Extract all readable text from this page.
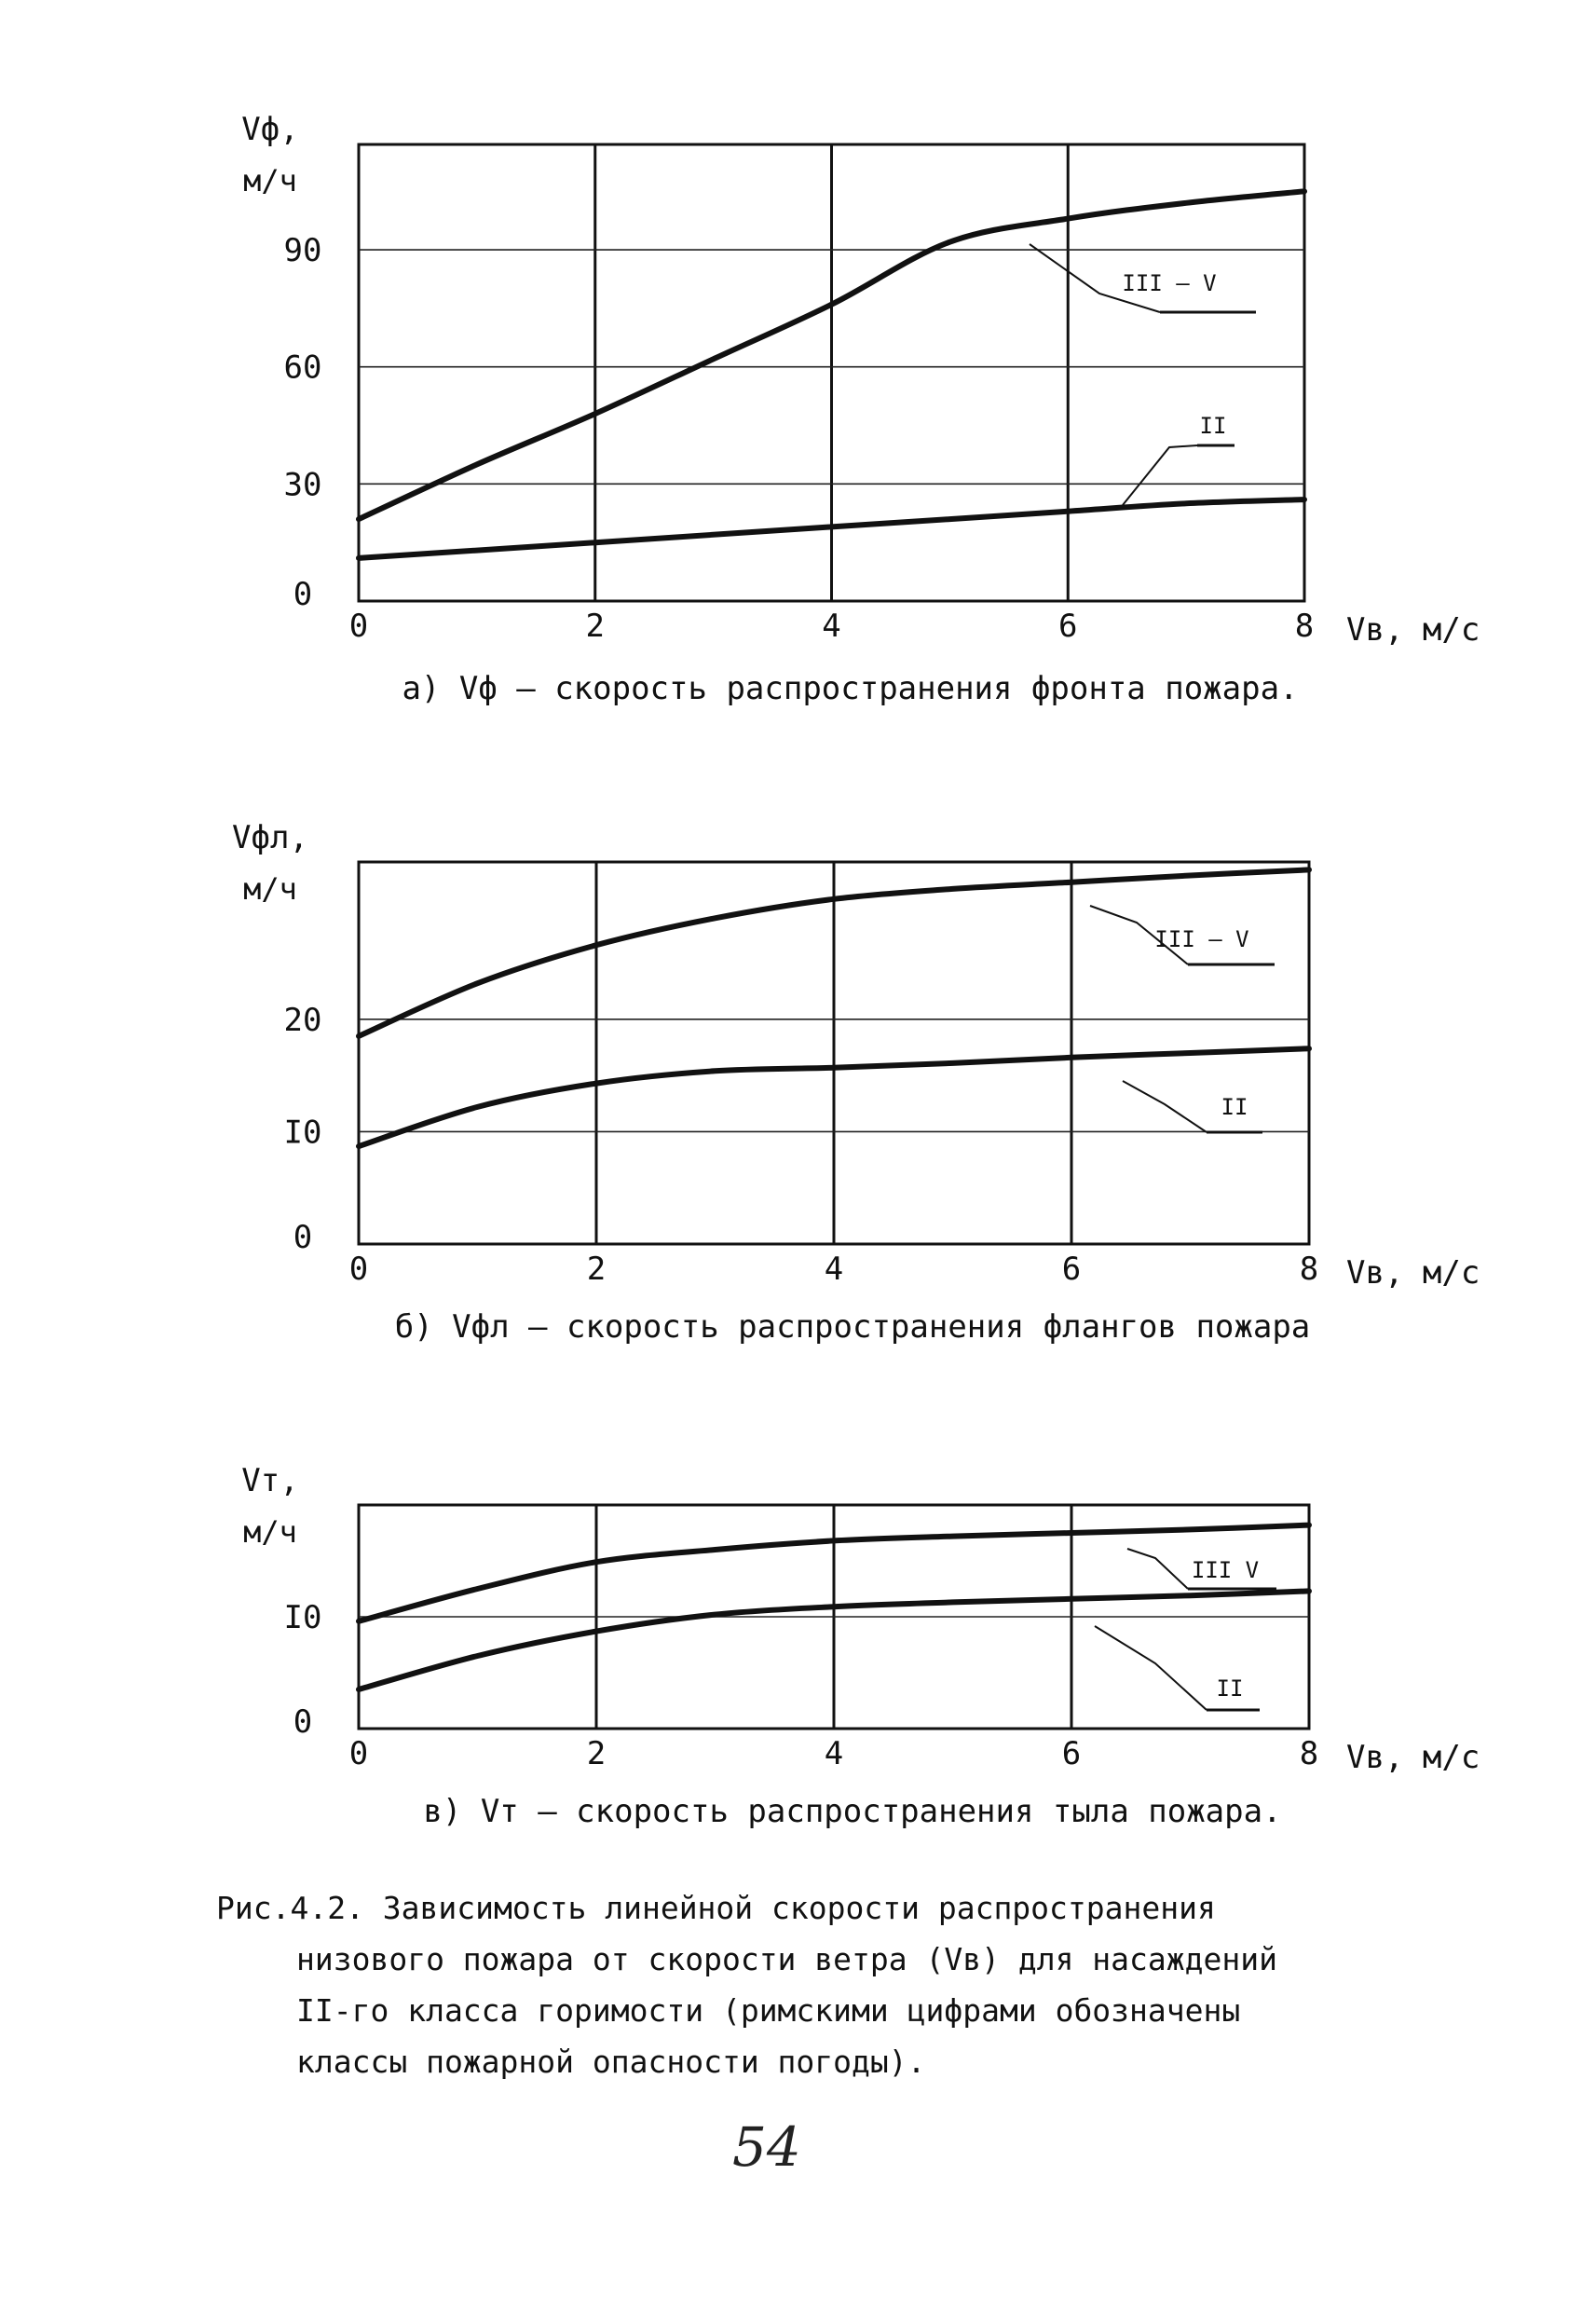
0	2	4	6	8
0
30
60
90
Vф,
м/ч
Vв, м/с
III – V
II
а) Vф – скорость распространения фронта пожара.
0	2	4	6	8
0
I0
20
Vфл,
м/ч
Vв, м/с
III – V
II
б) Vфл – скорость распространения флангов пожара
0	2	4	6	8
0
I0
Vт,
м/ч
Vв, м/с
III V
II
в) Vт – скорость распространения тыла пожара.
Рис.4.2. Зависимость линейной скорости распространения
низового пожара от скорости ветра (Vв) для насаждений
II-го класса горимости (римскими цифрами обозначены
классы пожарной опасности погоды).
54
